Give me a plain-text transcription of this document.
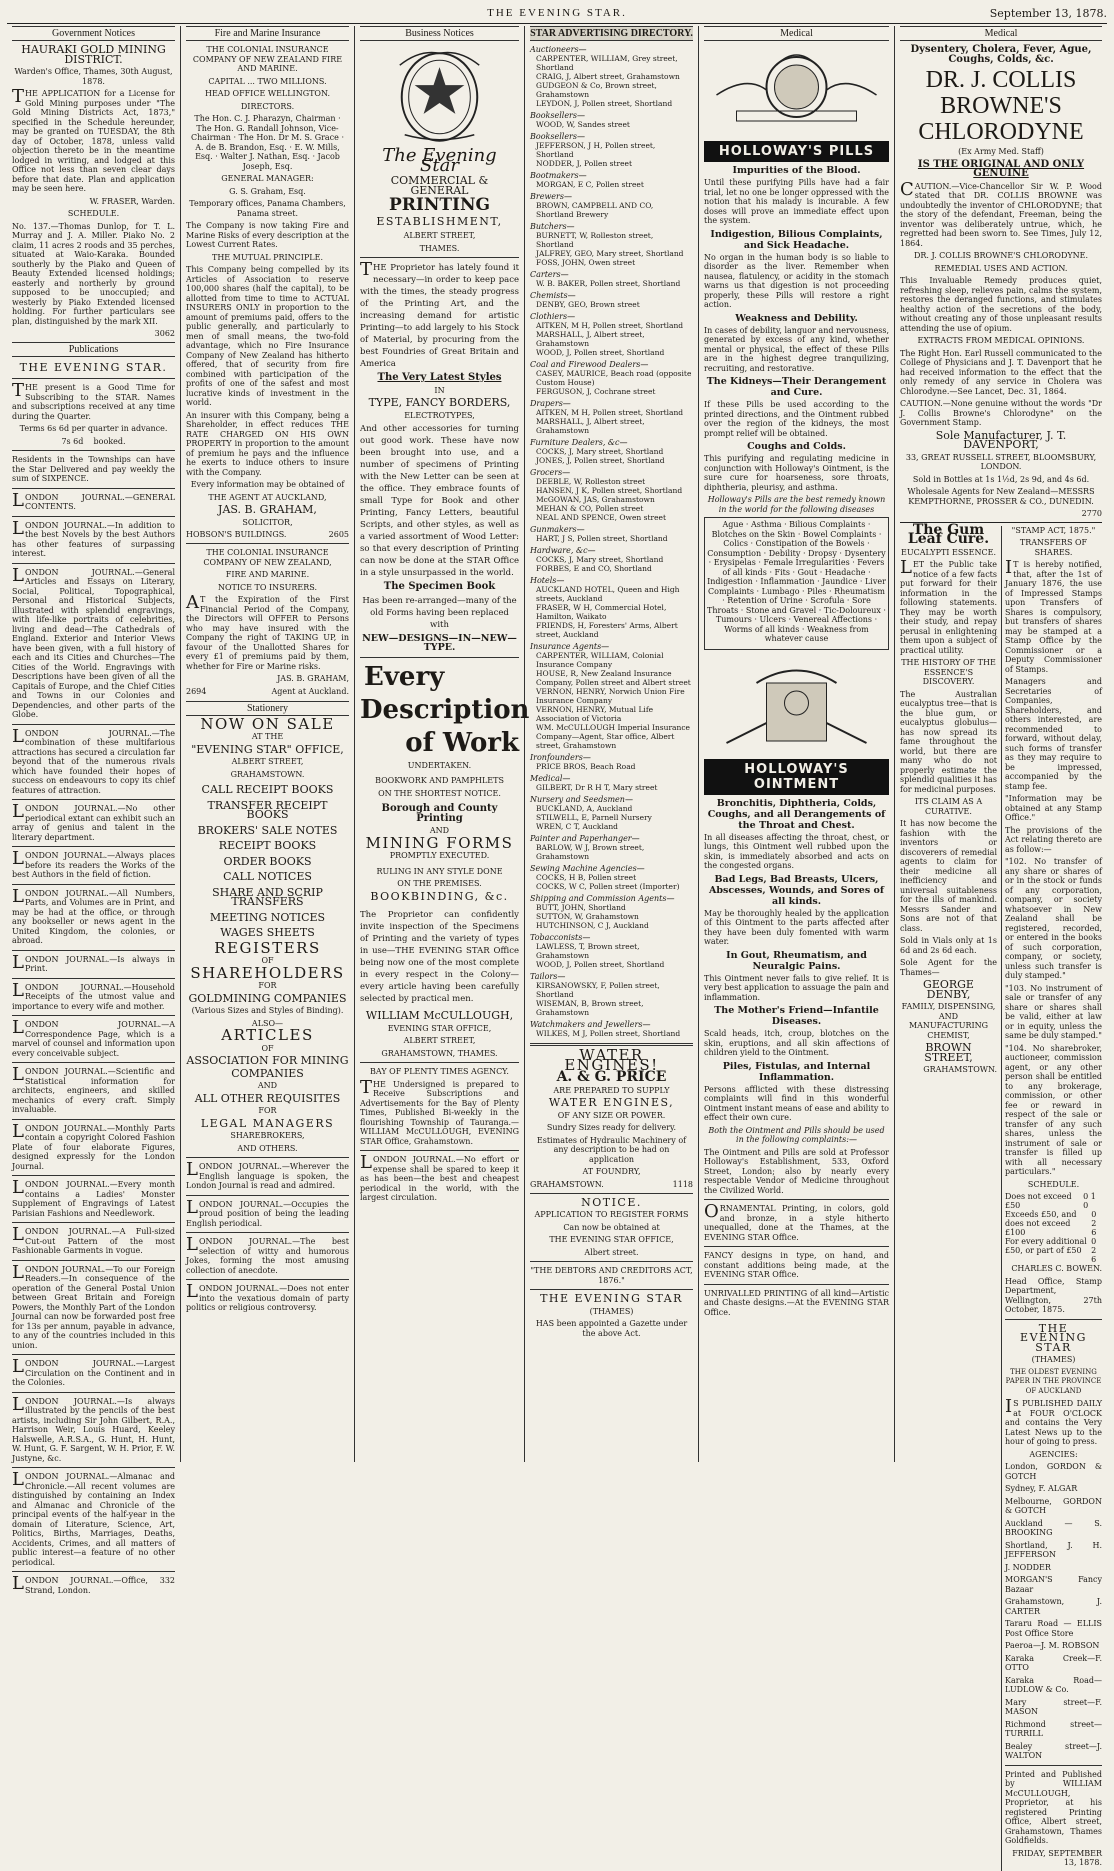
THE EVENING STAR.	September 13, 1878.
Government Notices
HAURAKI GOLD MINING DISTRICT.
Warden's Office, Thames, 30th August, 1878.

THE APPLICATION for a License for Gold Mining purposes under "The Gold Mining Districts Act, 1873," specified in the Schedule hereunder, may be granted on TUESDAY, the 8th day of October, 1878, unless valid objection thereto be in the meantime lodged in writing, and lodged at this Office not less than seven clear days before that date. Plan and application may be seen here.

W. FRASER, Warden.
SCHEDULE.

No. 137.—Thomas Dunlop, for T. L. Murray and J. A. Miller. Piako No. 2 claim, 11 acres 2 roods and 35 perches, situated at Waio-Karaka. Bounded southerly by the Piako and Queen of Beauty Extended licensed holdings; easterly and northerly by ground supposed to be unoccupied; and westerly by Piako Extended licensed holding. For further particulars see plan, distinguished by the mark XII.

3062
Publications
THE EVENING STAR.

THE present is a Good Time for Subscribing to the STAR. Names and subscriptions received at any time during the Quarter.

Terms 6s 6d per quarter in advance.
7s 6d    booked.

Residents in the Townships can have the Star Delivered and pay weekly the sum of SIXPENCE.

LONDON JOURNAL.—GENERAL CONTENTS.

LONDON JOURNAL.—In addition to the best Novels by the best Authors has other features of surpassing interest.

LONDON JOURNAL.—General Articles and Essays on Literary, Social, Political, Topographical, Personal and Historical Subjects, illustrated with splendid engravings, with life-like portraits of celebrities, living and dead—The Cathedrals of England. Exterior and Interior Views have been given, with a full history of each and its Cities and Churches—The Cities of the World. Engravings with Descriptions have been given of all the Capitals of Europe, and the Chief Cities and Towns in our Colonies and Dependencies, and other parts of the Globe.

LONDON JOURNAL.—The combination of these multifarious attractions has secured a circulation far beyond that of the numerous rivals which have founded their hopes of success on endeavours to copy its chief features of attraction.

LONDON JOURNAL.—No other periodical extant can exhibit such an array of genius and talent in the literary department.

LONDON JOURNAL.—Always places before its readers the Works of the best Authors in the field of fiction.

LONDON JOURNAL.—All Numbers, Parts, and Volumes are in Print, and may be had at the office, or through any bookseller or news agent in the United Kingdom, the colonies, or abroad.

LONDON JOURNAL.—Is always in Print.

LONDON JOURNAL.—Household Receipts of the utmost value and importance to every wife and mother.

LONDON JOURNAL.—A Correspondence Page, which is a marvel of counsel and information upon every conceivable subject.

LONDON JOURNAL.—Scientific and Statistical information for architects, engineers, and skilled mechanics of every craft. Simply invaluable.

LONDON JOURNAL.—Monthly Parts contain a copyright Colored Fashion Plate of four elaborate Figures, designed expressly for the London Journal.

LONDON JOURNAL.—Every month contains a Ladies' Monster Supplement of Engravings of Latest Parisian Fashions and Needlework.

LONDON JOURNAL.—A Full-sized Cut-out Pattern of the most Fashionable Garments in vogue.

LONDON JOURNAL.—To our Foreign Readers.—In consequence of the operation of the General Postal Union between Great Britain and Foreign Powers, the Monthly Part of the London Journal can now be forwarded post free for 13s per annum, payable in advance, to any of the countries included in this union.

LONDON JOURNAL.—Largest Circulation on the Continent and in the Colonies.

LONDON JOURNAL.—Is always illustrated by the pencils of the best artists, including Sir John Gilbert, R.A., Harrison Weir, Louis Huard, Keeley Halswelle, A.R.S.A., G. Hunt, H. Hunt, W. Hunt, G. F. Sargent, W. H. Prior, F. W. Justyne, &c.

LONDON JOURNAL.—Almanac and Chronicle.—All recent volumes are distinguished by containing an Index and Almanac and Chronicle of the principal events of the half-year in the domain of Literature, Science, Art, Politics, Births, Marriages, Deaths, Accidents, Crimes, and all matters of public interest—a feature of no other periodical.

LONDON JOURNAL.—Office, 332 Strand, London.

Fire and Marine Insurance
THE COLONIAL INSURANCE COMPANY OF NEW ZEALAND FIRE AND MARINE.
CAPITAL ... TWO MILLIONS.
HEAD OFFICE WELLINGTON.
DIRECTORS.

The Hon. C. J. Pharazyn, Chairman · The Hon. G. Randall Johnson, Vice-Chairman · The Hon. Dr M. S. Grace · A. de B. Brandon, Esq. · E. W. Mills, Esq. · Walter J. Nathan, Esq. · Jacob Joseph, Esq.

GENERAL MANAGER:
G. S. Graham, Esq.
Temporary offices, Panama Chambers, Panama street.

The Company is now taking Fire and Marine Risks of every description at the Lowest Current Rates.

THE MUTUAL PRINCIPLE.

This Company being compelled by its Articles of Association to reserve 100,000 shares (half the capital), to be allotted from time to time to ACTUAL INSURERS ONLY in proportion to the amount of premiums paid, offers to the public generally, and particularly to men of small means, the two-fold advantage, which no Fire Insurance Company of New Zealand has hitherto offered, that of security from fire combined with participation of the profits of one of the safest and most lucrative kinds of investment in the world.

An insurer with this Company, being a Shareholder, in effect reduces THE RATE CHARGED ON HIS OWN PROPERTY in proportion to the amount of premium he pays and the influence he exerts to induce others to insure with the Company.

Every information may be obtained of
THE AGENT AT AUCKLAND,
JAS. B. GRAHAM,
SOLICITOR,
HOBSON'S BUILDINGS.	2605
THE COLONIAL INSURANCE COMPANY OF NEW ZEALAND,
FIRE AND MARINE.
NOTICE TO INSURERS.

AT the Expiration of the First Financial Period of the Company, the Directors will OFFER to Persons who may have insured with the Company the right of TAKING UP, in favour of the Unallotted Shares for every £1 of premiums paid by them, whether for Fire or Marine risks.

JAS. B. GRAHAM,
2694	Agent at Auckland.
Stationery
NOW ON SALE
AT THE
"EVENING STAR" OFFICE,
ALBERT STREET,
GRAHAMSTOWN.
CALL RECEIPT BOOKS
TRANSFER RECEIPT BOOKS
BROKERS' SALE NOTES
RECEIPT BOOKS
ORDER BOOKS
CALL NOTICES
SHARE AND SCRIP TRANSFERS
MEETING NOTICES
WAGES SHEETS
REGISTERS
OF
SHAREHOLDERS
FOR
GOLDMINING COMPANIES
(Various Sizes and Styles of Binding).
ALSO—
ARTICLES
OF
ASSOCIATION FOR MINING
COMPANIES
AND
ALL OTHER REQUISITES
FOR
LEGAL MANAGERS
SHAREBROKERS,
AND OTHERS.

LONDON JOURNAL.—Wherever the English language is spoken, the London Journal is read and admired.

LONDON JOURNAL.—Occupies the proud position of being the leading English periodical.

LONDON JOURNAL.—The best selection of witty and humorous Jokes, forming the most amusing collection of anecdote.

LONDON JOURNAL.—Does not enter into the vexatious domain of party politics or religious controversy.

Business Notices
The Evening Star
COMMERCIAL & GENERAL
PRINTING
ESTABLISHMENT,
ALBERT STREET,
THAMES.

THE Proprietor has lately found it necessary—in order to keep pace with the times, the steady progress of the Printing Art, and the increasing demand for artistic Printing—to add largely to his Stock of Material, by procuring from the best Foundries of Great Britain and America

The Very Latest Styles
IN
TYPE, FANCY BORDERS,
ELECTROTYPES,

And other accessories for turning out good work. These have now been brought into use, and a number of specimens of Printing with the New Letter can be seen at the office. They embrace founts of small Type for Book and other Printing, Fancy Letters, beautiful Scripts, and other styles, as well as a varied assortment of Wood Letter: so that every description of Printing can now be done at the STAR Office in a style unsurpassed in the world.

The Specimen Book

Has been re-arranged—many of the old Forms having been replaced with

NEW—DESIGNS—IN—NEW—TYPE.
Every
Description
of Work
UNDERTAKEN.
BOOKWORK AND PAMPHLETS
ON THE SHORTEST NOTICE.
Borough and County Printing
AND
MINING FORMS
PROMPTLY EXECUTED.
RULING IN ANY STYLE DONE
ON THE PREMISES.
BOOKBINDING, &c.

The Proprietor can confidently invite inspection of the Specimens of Printing and the variety of types in use—THE EVENING STAR Office being now one of the most complete in every respect in the Colony—every article having been carefully selected by practical men.

WILLIAM McCULLOUGH,
EVENING STAR OFFICE,
ALBERT STREET,
GRAHAMSTOWN, THAMES.
BAY OF PLENTY TIMES AGENCY.

THE Undersigned is prepared to Receive Subscriptions and Advertisements for the Bay of Plenty Times, Published Bi-weekly in the flourishing Township of Tauranga.—WILLIAM McCULLOUGH, EVENING STAR Office, Grahamstown.

LONDON JOURNAL.—No effort or expense shall be spared to keep it as has been—the best and cheapest periodical in the world, with the largest circulation.

STAR ADVERTISING DIRECTORY.
Auctioneers—
CARPENTER, WILLIAM, Grey street, Shortland
CRAIG, J, Albert street, Grahamstown
GUDGEON & Co, Brown street, Grahamstown
LEYDON, J, Pollen street, Shortland
Booksellers—
WOOD, W, Sandes street
Booksellers—
JEFFERSON, J H, Pollen street, Shortland
NODDER, J, Pollen street
Bootmakers—
MORGAN, E C, Pollen street
Brewers—
BROWN, CAMPBELL AND CO, Shortland Brewery
Butchers—
BURNETT, W, Rolleston street, Shortland
JALFREY, GEO, Mary street, Shortland
FOSS, JOHN, Owen street
Carters—
W. B. BAKER, Pollen street, Shortland
Chemists—
DENBY, GEO, Brown street
Clothiers—
AITKEN, M H, Pollen street, Shortland
MARSHALL, J, Albert street, Grahamstown
WOOD, J, Pollen street, Shortland
Coal and Firewood Dealers—
CASEY, MAURICE, Beach road (opposite Custom House)
FERGUSON, J, Cochrane street
Drapers—
AITKEN, M H, Pollen street, Shortland
MARSHALL, J, Albert street, Grahamstown
Furniture Dealers, &c—
COCKS, J, Mary street, Shortland
JONES, J, Pollen street, Shortland
Grocers—
DEEBLE, W, Rolleston street
HANSEN, J K, Pollen street, Shortland
McGOWAN, JAS, Grahamstown
MEHAN & CO, Pollen street
NEAL AND SPENCE, Owen street
Gunmakers—
HART, J S, Pollen street, Shortland
Hardware, &c—
COCKS, J, Mary street, Shortland
FORBES, E and CO, Shortland
Hotels—
AUCKLAND HOTEL, Queen and High streets, Auckland
FRASER, W H, Commercial Hotel, Hamilton, Waikato
FRIENDS, H, Foresters' Arms, Albert street, Auckland
Insurance Agents—
CARPENTER, WILLIAM, Colonial Insurance Company
HOUSE, R, New Zealand Insurance Company, Pollen street and Albert street
VERNON, HENRY, Norwich Union Fire Insurance Company
VERNON, HENRY, Mutual Life Association of Victoria
WM. McCULLOUGH Imperial Insurance Company—Agent, Star office, Albert street, Grahamstown
Ironfounders—
PRICE BROS, Beach Road
Medical—
GILBERT, Dr R H T, Mary street
Nursery and Seedsmen—
BUCKLAND, A, Auckland
STILWELL, E, Parnell Nursery
WREN, C T, Auckland
Painter and Paperhanger—
BARLOW, W J, Brown street, Grahamstown
Sewing Machine Agencies—
COCKS, H B, Pollen street
COCKS, W C, Pollen street (Importer)
Shipping and Commission Agents—
BUTT, JOHN, Shortland
SUTTON, W, Grahamstown
HUTCHINSON, C J, Auckland
Tobacconists—
LAWLESS, T, Brown street, Grahamstown
WOOD, J, Pollen street, Shortland
Tailors—
KIRSANOWSKY, F, Pollen street, Shortland
WISEMAN, B, Brown street, Grahamstown
Watchmakers and Jewellers—
WILKES, M J, Pollen street, Shortland
WATER ENGINES!
A. & G. PRICE
ARE PREPARED TO SUPPLY
WATER ENGINES,
OF ANY SIZE OR POWER.
Sundry Sizes ready for delivery.

Estimates of Hydraulic Machinery of any description to be had on application

AT FOUNDRY,
GRAHAMSTOWN.	1118
NOTICE.
APPLICATION TO REGISTER FORMS
Can now be obtained at
THE EVENING STAR OFFICE,
Albert street.
"THE DEBTORS AND CREDITORS ACT, 1876."
THE EVENING STAR
(THAMES)

HAS been appointed a Gazette under the above Act.

Medical
HOLLOWAY'S PILLS
Impurities of the Blood.

Until these purifying Pills have had a fair trial, let no one be longer oppressed with the notion that his malady is incurable. A few doses will prove an immediate effect upon the system.

Indigestion, Bilious Complaints, and Sick Headache.

No organ in the human body is so liable to disorder as the liver. Remember when nausea, flatulency, or acidity in the stomach warns us that digestion is not proceeding properly, these Pills will restore a right action.

Weakness and Debility.

In cases of debility, languor and nervousness, generated by excess of any kind, whether mental or physical, the effect of these Pills are in the highest degree tranquilizing, recruiting, and restorative.

The Kidneys—Their Derangement and Cure.

If these Pills be used according to the printed directions, and the Ointment rubbed over the region of the kidneys, the most prompt relief will be obtained.

Coughs and Colds.

This purifying and regulating medicine in conjunction with Holloway's Ointment, is the sure cure for hoarseness, sore throats, diphtheria, pleurisy, and asthma.

Holloway's Pills are the best remedy known in the world for the following diseases

Ague · Asthma · Bilious Complaints · Blotches on the Skin · Bowel Complaints · Colics · Constipation of the Bowels · Consumption · Debility · Dropsy · Dysentery · Erysipelas · Female Irregularities · Fevers of all kinds · Fits · Gout · Headache · Indigestion · Inflammation · Jaundice · Liver Complaints · Lumbago · Piles · Rheumatism · Retention of Urine · Scrofula · Sore Throats · Stone and Gravel · Tic-Doloureux · Tumours · Ulcers · Venereal Affections · Worms of all kinds · Weakness from whatever cause

HOLLOWAY'S OINTMENT
Bronchitis, Diphtheria, Colds, Coughs, and all Derangements of the Throat and Chest.

In all diseases affecting the throat, chest, or lungs, this Ointment well rubbed upon the skin, is immediately absorbed and acts on the congested organs.

Bad Legs, Bad Breasts, Ulcers, Abscesses, Wounds, and Sores of all kinds.

May be thoroughly healed by the application of this Ointment to the parts affected after they have been duly fomented with warm water.

In Gout, Rheumatism, and Neuralgic Pains.

This Ointment never fails to give relief. It is very best application to assuage the pain and inflammation.

The Mother's Friend—Infantile Diseases.

Scald heads, itch, croup, blotches on the skin, eruptions, and all skin affections of children yield to the Ointment.

Piles, Fistulas, and Internal Inflammation.

Persons afflicted with these distressing complaints will find in this wonderful Ointment instant means of ease and ability to effect their own cure.

Both the Ointment and Pills should be used in the following complaints:—

The Ointment and Pills are sold at Professor Holloway's Establishment, 533, Oxford Street, London; also by nearly every respectable Vendor of Medicine throughout the Civilized World.

ORNAMENTAL Printing, in colors, gold and bronze, in a style hitherto unequalled, done at the Thames, at the EVENING STAR Office.

FANCY designs in type, on hand, and constant additions being made, at the EVENING STAR Office.

UNRIVALLED PRINTING of all kind—Artistic and Chaste designs.—At the EVENING STAR Office.

Medical
Dysentery, Cholera, Fever, Ague, Coughs, Colds, &c.
DR. J. COLLIS BROWNE'S CHLORODYNE
(Ex Army Med. Staff)
IS THE ORIGINAL AND ONLY GENUINE

CAUTION.—Vice-Chancellor Sir W. P. Wood stated that DR. COLLIS BROWNE was undoubtedly the inventor of CHLORODYNE; that the story of the defendant, Freeman, being the inventor was deliberately untrue, which, he regretted had been sworn to. See Times, July 12, 1864.

DR. J. COLLIS BROWNE'S CHLORODYNE.
REMEDIAL USES AND ACTION.

This Invaluable Remedy produces quiet, refreshing sleep, relieves pain, calms the system, restores the deranged functions, and stimulates healthy action of the secretions of the body, without creating any of those unpleasant results attending the use of opium.

EXTRACTS FROM MEDICAL OPINIONS.

The Right Hon. Earl Russell communicated to the College of Physicians and J. T. Davenport that he had received information to the effect that the only remedy of any service in Cholera was Chlorodyne.—See Lancet, Dec. 31, 1864.

CAUTION.—None genuine without the words "Dr J. Collis Browne's Chlorodyne" on the Government Stamp.

Sole Manufacturer, J. T. DAVENPORT,
33, GREAT RUSSELL STREET, BLOOMSBURY, LONDON.
Sold in Bottles at 1s 1½d, 2s 9d, and 4s 6d.
Wholesale Agents for New Zealand—MESSRS KEMPTHORNE, PROSSER & CO., DUNEDIN.
2770
The Gum Leaf Cure.
EUCALYPTI ESSENCE.

LET the Public take notice of a few facts put forward for their information in the following statements. They may be worth their study, and repay perusal in enlightening them upon a subject of practical utility.

THE HISTORY OF THE ESSENCE'S DISCOVERY.

The Australian eucalyptus tree—that is the blue gum, or eucalyptus globulus—has now spread its fame throughout the world, but there are many who do not properly estimate the splendid qualities it has for medicinal purposes.

ITS CLAIM AS A CURATIVE.

It has now become the fashion with the inventors or discoverers of remedial agents to claim for their medicine all inefficiency and universal suitableness for the ills of mankind. Messrs Sander and Sons are not of that class.

Sold in Vials only at 1s 6d and 2s 6d each.

Sole Agent for the Thames—
GEORGE DENBY,
FAMILY, DISPENSING, AND MANUFACTURING CHEMIST,
BROWN STREET,
GRAHAMSTOWN.
"STAMP ACT, 1875."
TRANSFERS OF SHARES.

IT is hereby notified, that, after the 1st of January 1876, the use of Impressed Stamps upon Transfers of Shares is compulsory, but transfers of shares may be stamped at a Stamp Office by the Commissioner or a Deputy Commissioner of Stamps.

Managers and Secretaries of Companies, Shareholders, and others interested, are recommended to forward, without delay, such forms of transfer as they may require to be impressed, accompanied by the stamp fee.

"Information may be obtained at any Stamp Office."

The provisions of the Act relating thereto are as follow:—

"102. No transfer of any share or shares of or in the stock or funds of any corporation, company, or society whatsoever in New Zealand shall be registered, recorded, or entered in the books of such corporation, company, or society, unless such transfer is duly stamped."

"103. No instrument of sale or transfer of any share or shares shall be valid, either at law or in equity, unless the same be duly stamped."

"104. No sharebroker, auctioneer, commission agent, or any other person shall be entitled to any brokerage, commission, or other fee or reward in respect of the sale or transfer of any such shares, unless the instrument of sale or transfer is filled up with all necessary particulars."

SCHEDULE.
Does not exceed £50
0 1 0
Exceeds £50, and does not exceed £100
0 2 6
For every additional £50, or part of £50
0 2 6
CHARLES C. BOWEN.
Head Office, Stamp Department, Wellington, 27th October, 1875.
THE EVENING STAR
(THAMES)
THE OLDEST EVENING PAPER IN THE PROVINCE OF AUCKLAND

IS PUBLISHED DAILY at FOUR O'CLOCK and contains the Very Latest News up to the hour of going to press.

AGENCIES:
London, GORDON & GOTCH
Sydney, F. ALGAR
Melbourne, GORDON & GOTCH
Auckland — S. BROOKING
Shortland, J. H. JEFFERSON
J. NODDER
MORGAN'S Fancy Bazaar
Grahamstown, J. CARTER
Tararu Road — ELLIS Post Office Store
Paeroa—J. M. ROBSON
Karaka Creek—F. OTTO
Karaka Road—LUDLOW & Co.
Mary street—F. MASON
Richmond street—TURRILL
Bealey street—J. WALTON

Printed and Published by WILLIAM McCULLOUGH, Proprietor, at his registered Printing Office, Albert street, Grahamstown, Thames Goldfields.

FRIDAY, SEPTEMBER 13, 1878.
